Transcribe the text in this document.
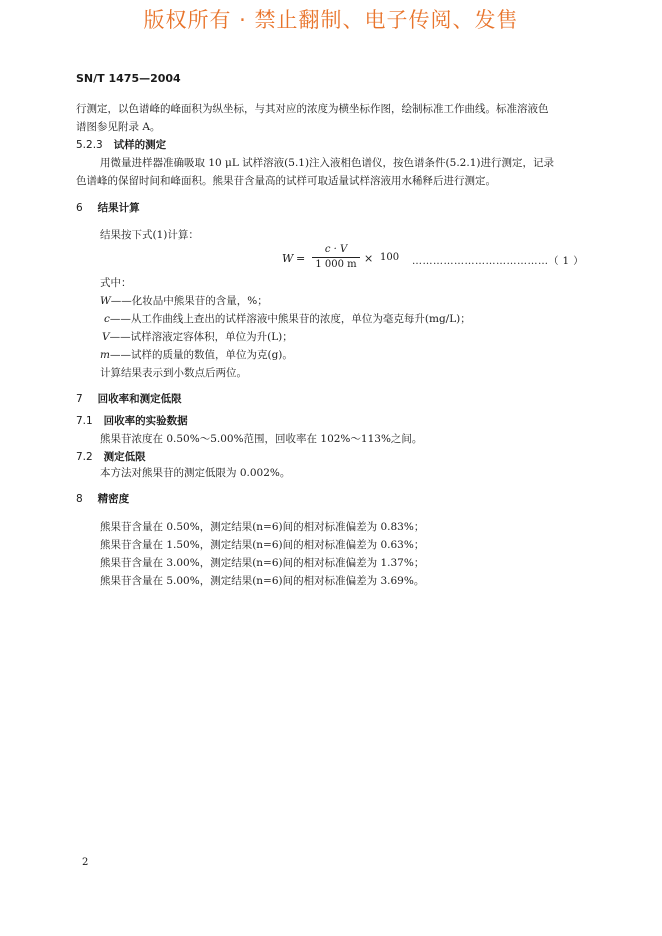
版权所有 · 禁止翻制、电子传阅、发售
SN/T 1475—2004
行测定，以色谱峰的峰面积为纵坐标，与其对应的浓度为横坐标作图，绘制标准工作曲线。标准溶液色
谱图参见附录 A。
5.2.3 试样的测定
用微量进样器准确吸取 10 μL 试样溶液(5.1)注入液相色谱仪，按色谱条件(5.2.1)进行测定，记录
色谱峰的保留时间和峰面积。熊果苷含量高的试样可取适量试样溶液用水稀释后进行测定。
6 结果计算
结果按下式(1)计算：
W =
c · V
1 000 m × 100 …………………………………（ 1 ）
式中：
W——化妆品中熊果苷的含量，%；
c——从工作曲线上查出的试样溶液中熊果苷的浓度，单位为毫克每升(mg/L)；
V——试样溶液定容体积，单位为升(L)；
m——试样的质量的数值，单位为克(g)。
计算结果表示到小数点后两位。
7 回收率和测定低限
7.1 回收率的实验数据
熊果苷浓度在 0.50%～5.00%范围，回收率在 102%～113%之间。
7.2 测定低限
本方法对熊果苷的测定低限为 0.002%。
8 精密度
熊果苷含量在 0.50%，测定结果(n=6)间的相对标准偏差为 0.83%；
熊果苷含量在 1.50%，测定结果(n=6)间的相对标准偏差为 0.63%；
熊果苷含量在 3.00%，测定结果(n=6)间的相对标准偏差为 1.37%；
熊果苷含量在 5.00%，测定结果(n=6)间的相对标准偏差为 3.69%。
2
